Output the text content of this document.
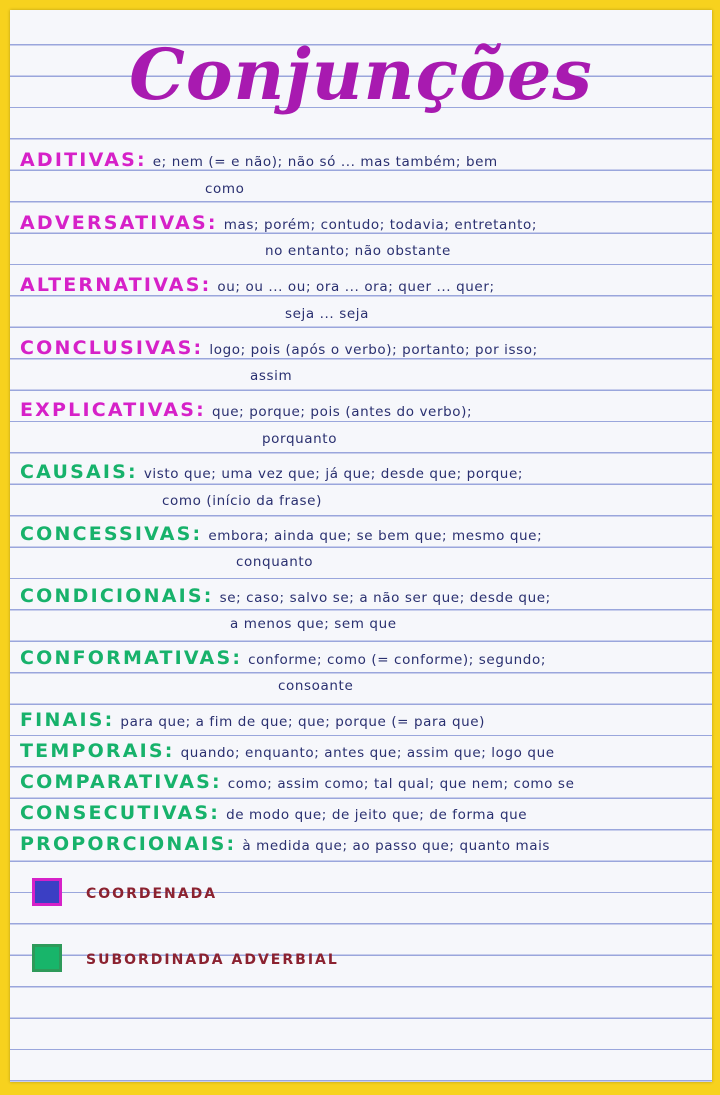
Conjunções
ADITIVAS: e; nem (= e não); não só ... mas também; bem
como
ADVERSATIVAS: mas; porém; contudo; todavia; entretanto;
no entanto; não obstante
ALTERNATIVAS: ou; ou ... ou; ora ... ora; quer ... quer;
seja ... seja
CONCLUSIVAS: logo; pois (após o verbo); portanto; por isso;
assim
EXPLICATIVAS: que; porque; pois (antes do verbo);
porquanto
CAUSAIS: visto que; uma vez que; já que; desde que; porque;
como (início da frase)
CONCESSIVAS: embora; ainda que; se bem que; mesmo que;
conquanto
CONDICIONAIS: se; caso; salvo se; a não ser que; desde que;
a menos que; sem que
CONFORMATIVAS: conforme; como (= conforme); segundo;
consoante
FINAIS: para que; a fim de que; que; porque (= para que)
TEMPORAIS: quando; enquanto; antes que; assim que; logo que
COMPARATIVAS: como; assim como; tal qual; que nem; como se
CONSECUTIVAS: de modo que; de jeito que; de forma que
PROPORCIONAIS: à medida que; ao passo que; quanto mais
COORDENADA
SUBORDINADA ADVERBIAL
